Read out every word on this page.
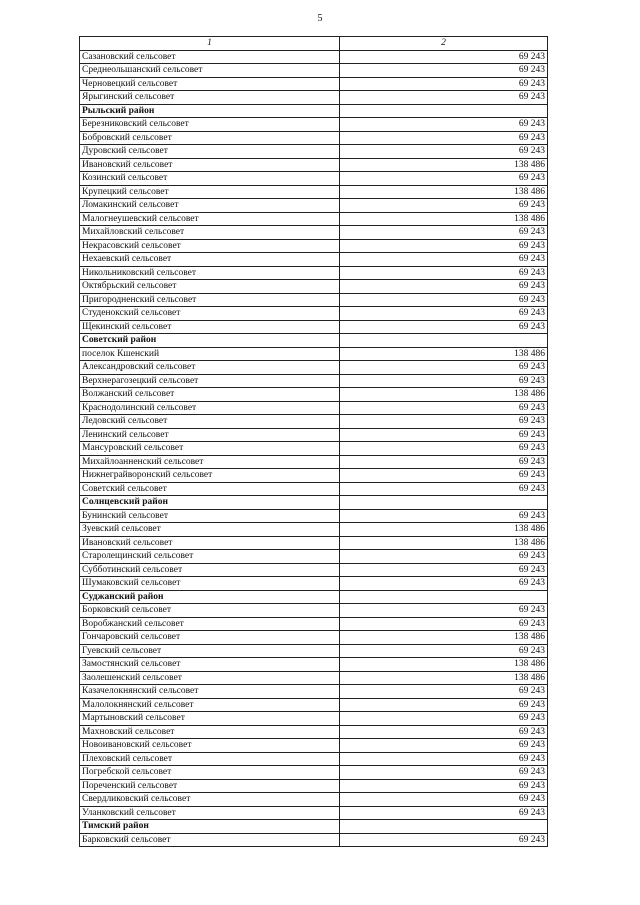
5
1	2
Сазановский сельсовет	69 243
Среднеольшанский сельсовет	69 243
Черновецкий сельсовет	69 243
Ярыгинский сельсовет	69 243
Рыльский район	
Березниковский сельсовет	69 243
Бобровский сельсовет	69 243
Дуровский сельсовет	69 243
Ивановский сельсовет	138 486
Козинский сельсовет	69 243
Крупецкий сельсовет	138 486
Ломакинский сельсовет	69 243
Малогнеушевский сельсовет	138 486
Михайловский сельсовет	69 243
Некрасовский сельсовет	69 243
Нехаевский сельсовет	69 243
Никольниковский сельсовет	69 243
Октябрьский сельсовет	69 243
Пригородненский сельсовет	69 243
Студенокский сельсовет	69 243
Щекинский сельсовет	69 243
Советский район	
поселок Кшенский	138 486
Александровский сельсовет	69 243
Верхнерагозецкий сельсовет	69 243
Волжанский сельсовет	138 486
Краснодолинский сельсовет	69 243
Ледовский сельсовет	69 243
Ленинский сельсовет	69 243
Мансуровский сельсовет	69 243
Михайлоанненский сельсовет	69 243
Нижнеграйворонский сельсовет	69 243
Советский сельсовет	69 243
Солнцевский район	
Бунинский сельсовет	69 243
Зуевский сельсовет	138 486
Ивановский сельсовет	138 486
Старолещинский сельсовет	69 243
Субботинский сельсовет	69 243
Шумаковский сельсовет	69 243
Суджанский район	
Борковский сельсовет	69 243
Воробжанский сельсовет	69 243
Гончаровский сельсовет	138 486
Гуевский сельсовет	69 243
Замостянский сельсовет	138 486
Заолешенский сельсовет	138 486
Казачелокнянский сельсовет	69 243
Малолокнянский сельсовет	69 243
Мартыновский сельсовет	69 243
Махновский сельсовет	69 243
Новоивановский сельсовет	69 243
Плеховский сельсовет	69 243
Погребской сельсовет	69 243
Пореченский сельсовет	69 243
Свердликовский сельсовет	69 243
Уланковский сельсовет	69 243
Тимский район	
Барковский сельсовет	69 243
